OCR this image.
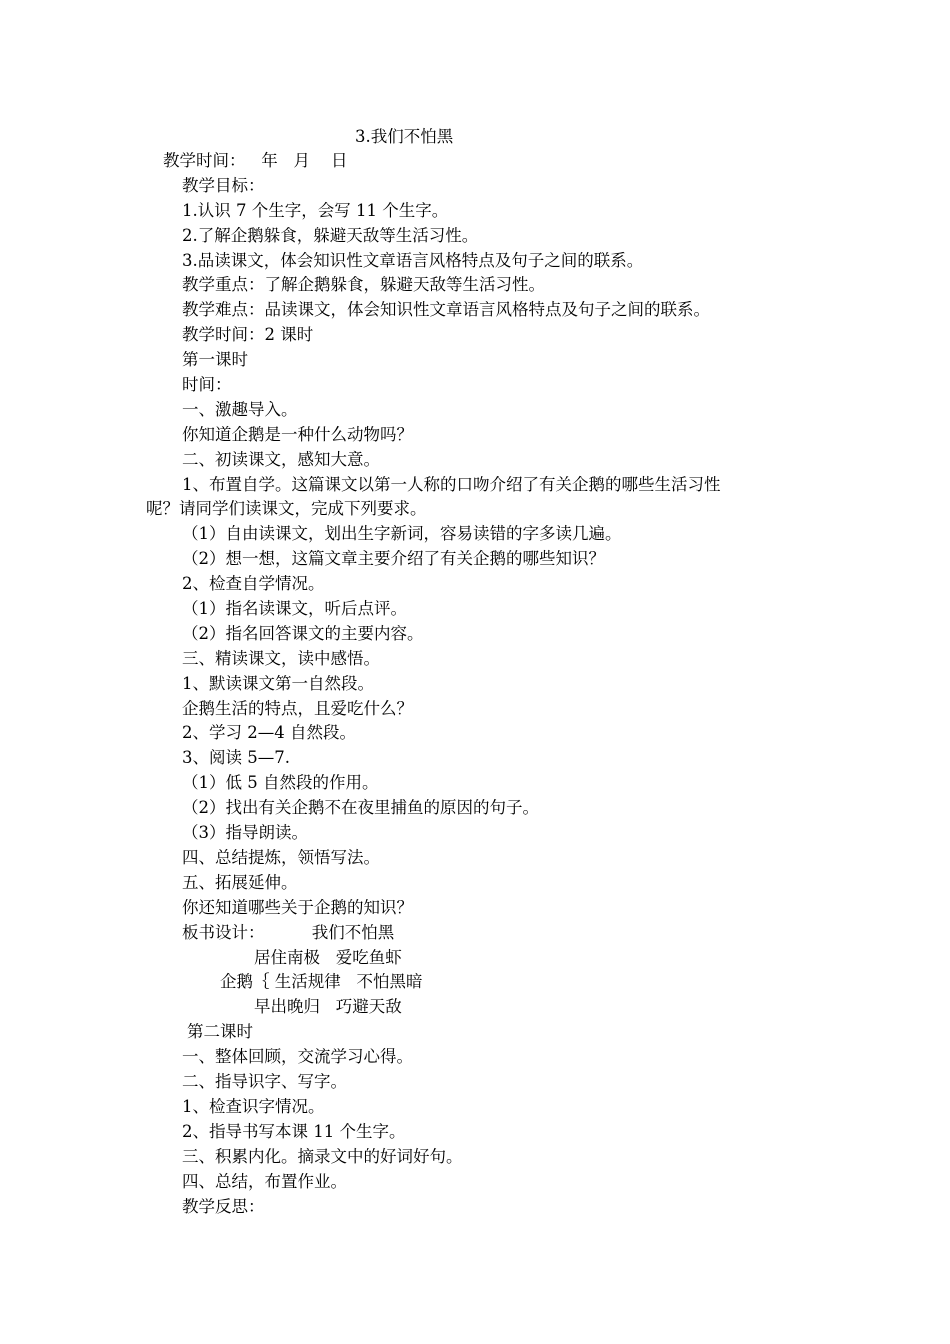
3.我们不怕黑

教学时间：   年   月    日

教学目标：

1.认识 7 个生字，会写 11 个生字。

2.了解企鹅躲食，躲避天敌等生活习性。

3.品读课文，体会知识性文章语言风格特点及句子之间的联系。

教学重点：了解企鹅躲食，躲避天敌等生活习性。

教学难点：品读课文，体会知识性文章语言风格特点及句子之间的联系。

教学时间：2 课时

第一课时

时间：

一、激趣导入。

你知道企鹅是一种什么动物吗？

二、初读课文，感知大意。

1、布置自学。这篇课文以第一人称的口吻介绍了有关企鹅的哪些生活习性

呢？请同学们读课文，完成下列要求。

（1）自由读课文，划出生字新词，容易读错的字多读几遍。

（2）想一想，这篇文章主要介绍了有关企鹅的哪些知识？

2、检查自学情况。

（1）指名读课文，听后点评。

（2）指名回答课文的主要内容。

三、精读课文，读中感悟。

1、默读课文第一自然段。

企鹅生活的特点，且爱吃什么？

2、学习 2—4 自然段。

3、阅读 5—7.

（1）低 5 自然段的作用。

（2）找出有关企鹅不在夜里捕鱼的原因的句子。

（3）指导朗读。

四、总结提炼，领悟写法。

五、拓展延伸。

你还知道哪些关于企鹅的知识？

板书设计：         我们不怕黑

居住南极   爱吃鱼虾

企鹅｛ 生活规律   不怕黑暗

早出晚归   巧避天敌

第二课时

一、整体回顾，交流学习心得。

二、指导识字、写字。

1、检查识字情况。

2、指导书写本课 11 个生字。

三、积累内化。摘录文中的好词好句。

四、总结，布置作业。

教学反思：
